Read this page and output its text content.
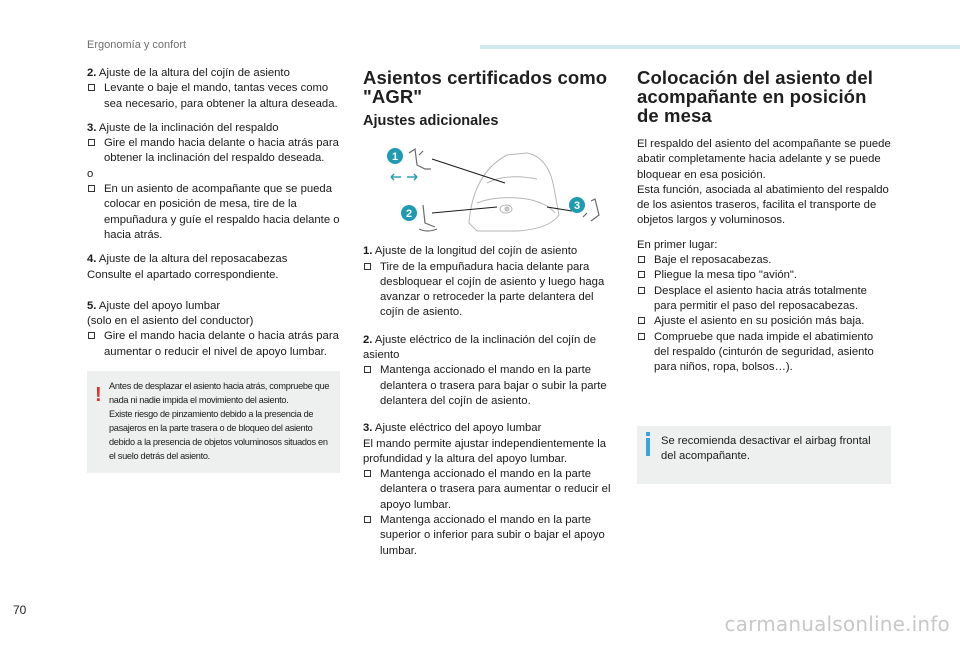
Ergonomía y confort

2. Ajuste de la altura del cojín de asiento

Levante o baje el mando, tantas veces como sea necesario, para obtener la altura deseada.

3. Ajuste de la inclinación del respaldo

Gire el mando hacia delante o hacia atrás para obtener la inclinación del respaldo deseada.

o

En un asiento de acompañante que se pueda colocar en posición de mesa, tire de la empuñadura y guíe el respaldo hacia delante o hacia atrás.

4. Ajuste de la altura del reposacabezas

Consulte el apartado correspondiente.

5. Ajuste del apoyo lumbar

(solo en el asiento del conductor)

Gire el mando hacia delante o hacia atrás para aumentar o reducir el nivel de apoyo lumbar.

! Antes de desplazar el asiento hacia atrás, compruebe que nada ni nadie impida el movimiento del asiento.
Existe riesgo de pinzamiento debido a la presencia de pasajeros en la parte trasera o de bloqueo del asiento debido a la presencia de objetos voluminosos situados en el suelo detrás del asiento.
Asientos certificados como
"AGR"
Ajustes adicionales
1
2
3

1. Ajuste de la longitud del cojín de asiento

Tire de la empuñadura hacia delante para desbloquear el cojín de asiento y luego haga avanzar o retroceder la parte delantera del cojín de asiento.

2. Ajuste eléctrico de la inclinación del cojín de asiento

Mantenga accionado el mando en la parte delantera o trasera para bajar o subir la parte delantera del cojín de asiento.

3. Ajuste eléctrico del apoyo lumbar

El mando permite ajustar independientemente la profundidad y la altura del apoyo lumbar.

Mantenga accionado el mando en la parte delantera o trasera para aumentar o reducir el apoyo lumbar.

Mantenga accionado el mando en la parte superior o inferior para subir o bajar el apoyo lumbar.

Colocación del asiento del acompañante en posición de mesa

El respaldo del asiento del acompañante se puede abatir completamente hacia adelante y se puede bloquear en esa posición.

Esta función, asociada al abatimiento del respaldo de los asientos traseros, facilita el transporte de objetos largos y voluminosos.

En primer lugar:

Baje el reposacabezas.

Pliegue la mesa tipo "avión".

Desplace el asiento hacia atrás totalmente para permitir el paso del reposacabezas.

Ajuste el asiento en su posición más baja.

Compruebe que nada impide el abatimiento del respaldo (cinturón de seguridad, asiento para niños, ropa, bolsos…).

Se recomienda desactivar el airbag frontal del acompañante.
70
carmanualsonline.info
